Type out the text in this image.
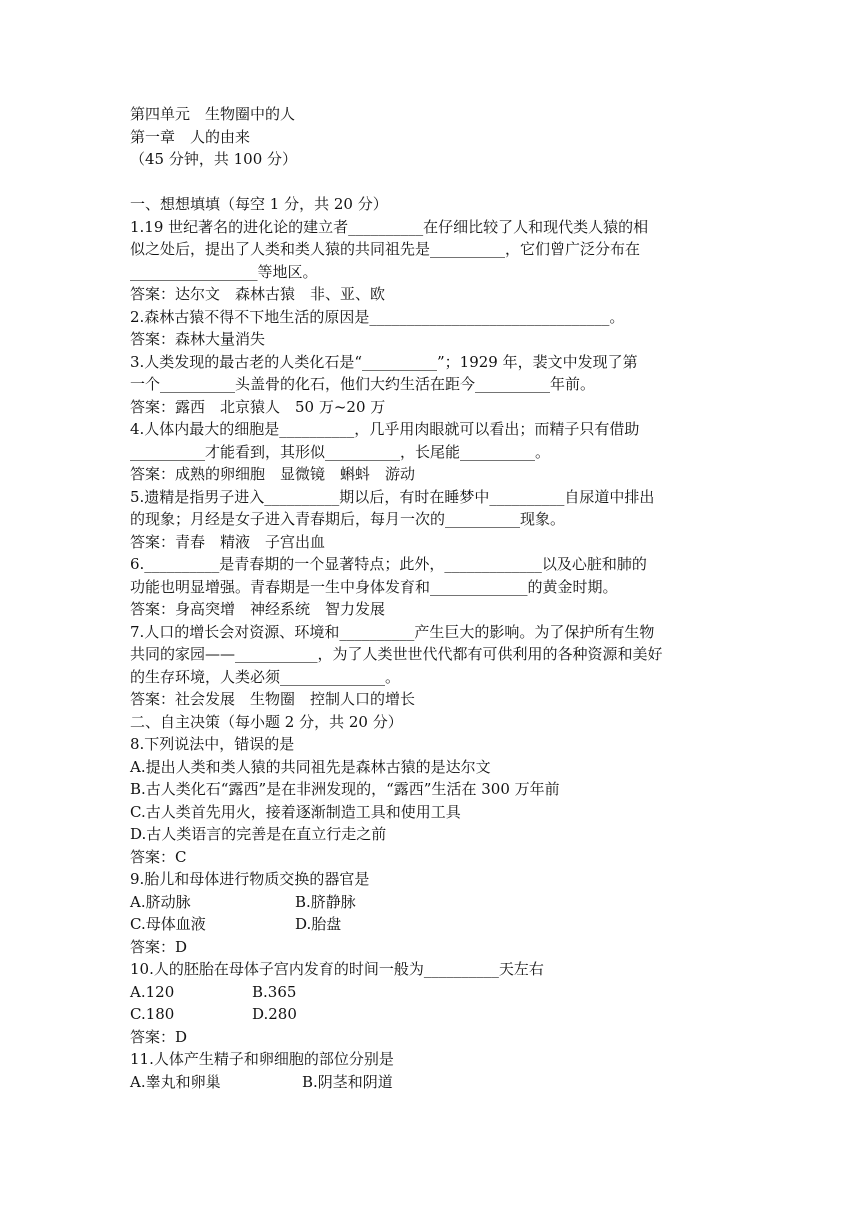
第四单元　生物圈中的人
第一章　人的由来
（45 分钟，共 100 分）
一、想想填填（每空 1 分，共 20 分）
1.19 世纪著名的进化论的建立者__________在仔细比较了人和现代类人猿的相
似之处后，提出了人类和类人猿的共同祖先是__________，它们曾广泛分布在
_________________等地区。
答案：达尔文　森林古猿　非、亚、欧
2.森林古猿不得不下地生活的原因是________________________________。
答案：森林大量消失
3.人类发现的最古老的人类化石是“__________”；1929 年，裴文中发现了第
一个__________头盖骨的化石，他们大约生活在距今__________年前。
答案：露西　北京猿人　50 万~20 万
4.人体内最大的细胞是__________，几乎用肉眼就可以看出；而精子只有借助
__________才能看到，其形似__________，长尾能__________。
答案：成熟的卵细胞　显微镜　蝌蚪　游动
5.遗精是指男子进入__________期以后，有时在睡梦中__________自尿道中排出
的现象；月经是女子进入青春期后，每月一次的__________现象。
答案：青春　精液　子宫出血
6.__________是青春期的一个显著特点；此外，_____________以及心脏和肺的
功能也明显增强。青春期是一生中身体发育和_____________的黄金时期。
答案：身高突增　神经系统　智力发展
7.人口的增长会对资源、环境和__________产生巨大的影响。为了保护所有生物
共同的家园——___________，为了人类世世代代都有可供利用的各种资源和美好
的生存环境，人类必须______________。
答案：社会发展　生物圈　控制人口的增长
二、自主决策（每小题 2 分，共 20 分）
8.下列说法中，错误的是
A.提出人类和类人猿的共同祖先是森林古猿的是达尔文
B.古人类化石“露西”是在非洲发现的，“露西”生活在 300 万年前
C.古人类首先用火，接着逐渐制造工具和使用工具
D.古人类语言的完善是在直立行走之前
答案：C
9.胎儿和母体进行物质交换的器官是
A.脐动脉	B.脐静脉
C.母体血液	D.胎盘
答案：D
10.人的胚胎在母体子宫内发育的时间一般为__________天左右
A.120	B.365
C.180	D.280
答案：D
11.人体产生精子和卵细胞的部位分别是
A.睾丸和卵巢	B.阴茎和阴道
